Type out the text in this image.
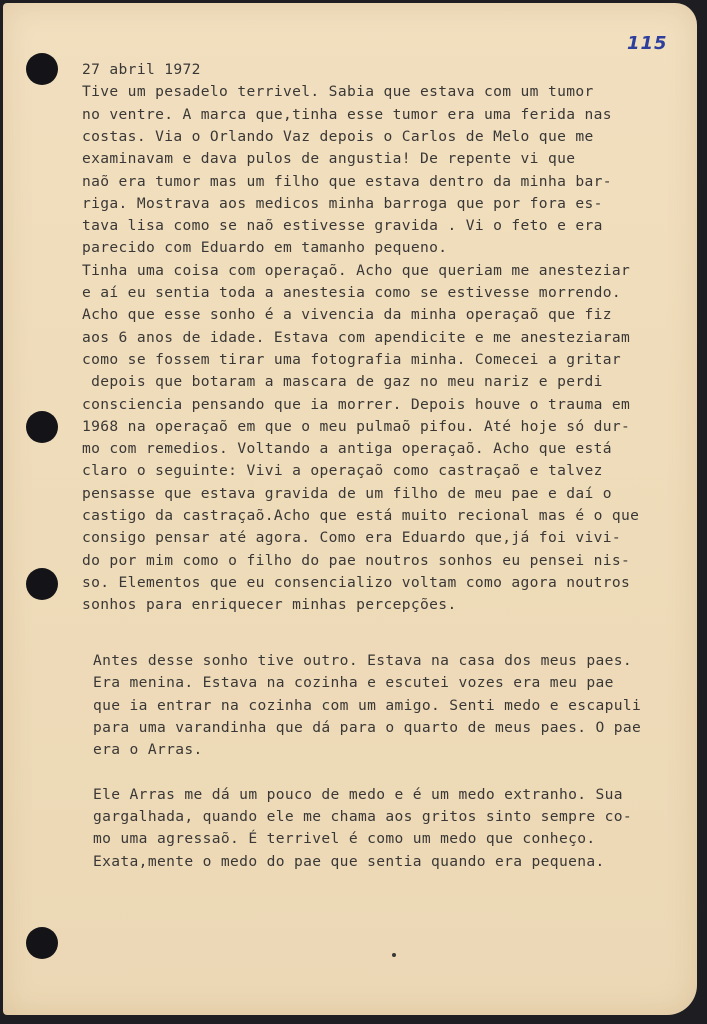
115
27 abril 1972
Tive um pesadelo terrivel. Sabia que estava com um tumor
no ventre. A marca que,tinha esse tumor era uma ferida nas
costas. Via o Orlando Vaz depois o Carlos de Melo que me
examinavam e dava pulos de angustia! De repente vi que
naõ era tumor mas um filho que estava dentro da minha bar-
riga. Mostrava aos medicos minha barroga que por fora es-
tava lisa como se naõ estivesse gravida . Vi o feto e era
parecido com Eduardo em tamanho pequeno.
Tinha uma coisa com operaçaõ. Acho que queriam me anesteziar
e aí eu sentia toda a anestesia como se estivesse morrendo.
Acho que esse sonho é a vivencia da minha operaçaõ que fiz
aos 6 anos de idade. Estava com apendicite e me anesteziaram
como se fossem tirar uma fotografia minha. Comecei a gritar
depois que botaram a mascara de gaz no meu nariz e perdi
consciencia pensando que ia morrer. Depois houve o trauma em
1968 na operaçaõ em que o meu pulmaõ pifou. Até hoje só dur-
mo com remedios. Voltando a antiga operaçaõ. Acho que está
claro o seguinte: Vivi a operaçaõ como castraçaõ e talvez
pensasse que estava gravida de um filho de meu pae e daí o
castigo da castraçaõ.Acho que está muito recional mas é o que
consigo pensar até agora. Como era Eduardo que,já foi vivi-
do por mim como o filho do pae noutros sonhos eu pensei nis-
so. Elementos que eu consencializo voltam como agora noutros
sonhos para enriquecer minhas percepções.
Antes desse sonho tive outro. Estava na casa dos meus paes.
Era menina. Estava na cozinha e escutei vozes era meu pae
que ia entrar na cozinha com um amigo. Senti medo e escapuli
para uma varandinha que dá para o quarto de meus paes. O pae
era o Arras.
Ele Arras me dá um pouco de medo e é um medo extranho. Sua
gargalhada, quando ele me chama aos gritos sinto sempre co-
mo uma agressaõ. É terrivel é como um medo que conheço.
Exata,mente o medo do pae que sentia quando era pequena.
